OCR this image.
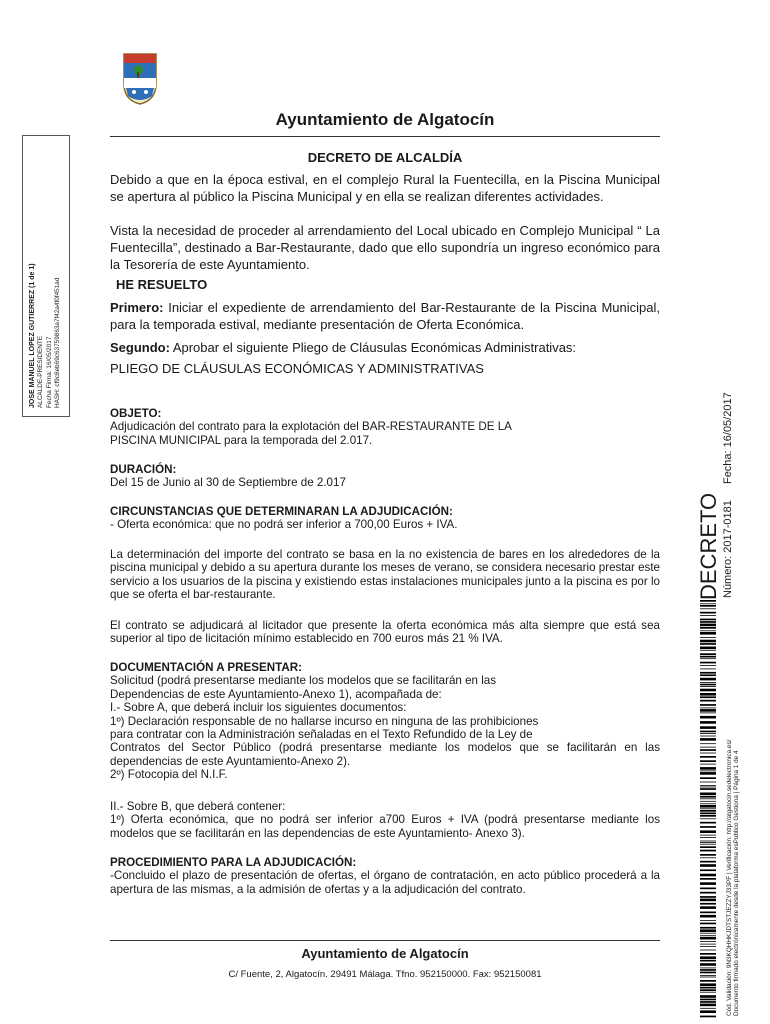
Ayuntamiento de Algatocín
DECRETO DE ALCALDÍA
JOSE MANUEL LOPEZ GUTIERREZ (1 de 1) ALCALDE-PRESIDENTE Fecha Firma: 16/05/2017 HASH: cf9c8eb69c63759863a7f42a4f0f451ad

Debido a que en la época estival, en el complejo Rural la Fuentecilla, en la Piscina Municipal se apertura al público la Piscina Municipal y en ella se realizan diferentes actividades.

Vista la necesidad de proceder al arrendamiento del Local ubicado en Complejo Municipal “ La Fuentecilla”, destinado a Bar-Restaurante, dado que ello supondría un ingreso económico para la Tesorería de este Ayuntamiento.

HE RESUELTO

Primero: Iniciar el expediente de arrendamiento del Bar-Restaurante de la Piscina Municipal, para la temporada estival, mediante presentación de Oferta Económica.

Segundo: Aprobar el siguiente Pliego de Cláusulas Económicas Administrativas:

PLIEGO DE CLÁUSULAS ECONÓMICAS Y ADMINISTRATIVAS
OBJETO:
Adjudicación del contrato para la explotación del BAR-RESTAURANTE DE LA
PISCINA MUNICIPAL para la temporada del 2.017.
DURACIÓN:
Del 15 de Junio al 30 de Septiembre de 2.017
CIRCUNSTANCIAS QUE DETERMINARAN LA ADJUDICACIÓN:
- Oferta económica: que no podrá ser inferior a 700,00 Euros + IVA.

La determinación del importe del contrato se basa en la no existencia de bares en los alrededores de la piscina municipal y debido a su apertura durante los meses de verano, se considera necesario prestar este servicio a los usuarios de la piscina y existiendo estas instalaciones municipales junto a la piscina es por lo que se oferta el bar-restaurante.

El contrato se adjudicará al licitador que presente la oferta económica más alta siempre que está sea superior al tipo de licitación mínimo establecido en 700 euros más 21 % IVA.

DOCUMENTACIÓN A PRESENTAR:
Solicitud (podrá presentarse mediante los modelos que se facilitarán en las
Dependencias de este Ayuntamiento-Anexo 1), acompañada de:
I.- Sobre A, que deberá incluir los siguientes documentos:
1º) Declaración responsable de no hallarse incurso en ninguna de las prohibiciones
para contratar con la Administración señaladas en el Texto Refundido de la Ley de

Contratos del Sector Público (podrá presentarse mediante los modelos que se facilitarán en las dependencias de este Ayuntamiento-Anexo 2).

2º) Fotocopia del N.I.F.
II.- Sobre B, que deberá contener:

1º) Oferta económica, que no podrá ser inferior a700 Euros + IVA (podrá presentarse mediante los modelos que se facilitarán en las dependencias de este Ayuntamiento- Anexo 3).

PROCEDIMIENTO PARA LA ADJUDICACIÓN:

-Concluido el plazo de presentación de ofertas, el órgano de contratación, en acto público procederá a la apertura de las mismas, a la admisión de ofertas y a la adjudicación del contrato.

DECRETO Número: 2017-0181  Fecha: 16/05/2017
Cód. Validación: 9N3KQHHKJDTSTJEZZYJ33PF | Verificación: http://algatocin.sedelectronica.es/ Documento firmado electrónicamente desde la plataforma esPublico Gestiona | Página 1 de 4
Ayuntamiento de Algatocín
C/ Fuente, 2, Algatocín. 29491 Málaga. Tfno. 952150000. Fax: 952150081
